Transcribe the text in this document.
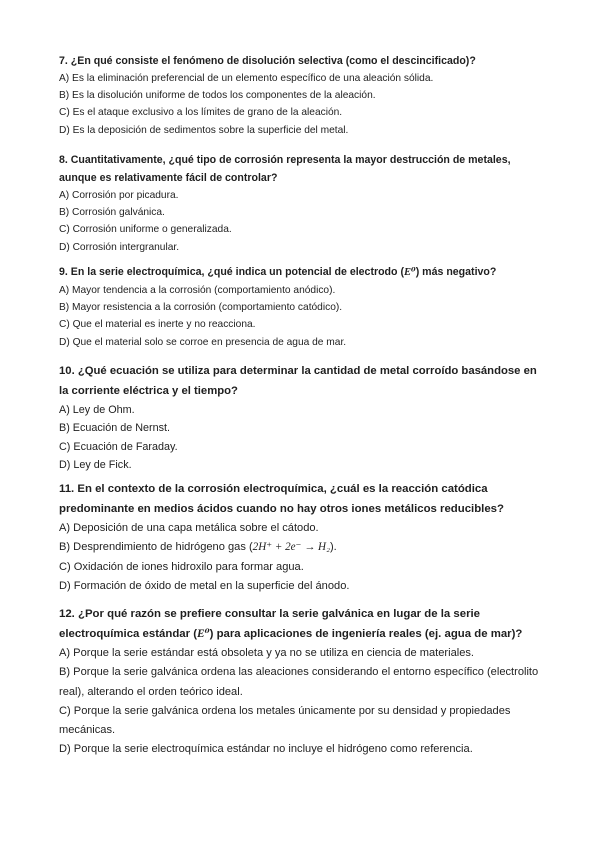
7. ¿En qué consiste el fenómeno de disolución selectiva (como el descincificado)?

A) Es la eliminación preferencial de un elemento específico de una aleación sólida.
B) Es la disolución uniforme de todos los componentes de la aleación.
C) Es el ataque exclusivo a los límites de grano de la aleación.
D) Es la deposición de sedimentos sobre la superficie del metal.

8. Cuantitativamente, ¿qué tipo de corrosión representa la mayor destrucción de metales, aunque es relativamente fácil de controlar?

A) Corrosión por picadura.
B) Corrosión galvánica.
C) Corrosión uniforme o generalizada.
D) Corrosión intergranular.

9. En la serie electroquímica, ¿qué indica un potencial de electrodo (E⁰) más negativo?

A) Mayor tendencia a la corrosión (comportamiento anódico).
B) Mayor resistencia a la corrosión (comportamiento catódico).
C) Que el material es inerte y no reacciona.
D) Que el material solo se corroe en presencia de agua de mar.

10. ¿Qué ecuación se utiliza para determinar la cantidad de metal corroído basándose en la corriente eléctrica y el tiempo?

A) Ley de Ohm.
B) Ecuación de Nernst.
C) Ecuación de Faraday.
D) Ley de Fick.

11. En el contexto de la corrosión electroquímica, ¿cuál es la reacción catódica predominante en medios ácidos cuando no hay otros iones metálicos reducibles?

A) Deposición de una capa metálica sobre el cátodo.
B) Desprendimiento de hidrógeno gas (2H⁺ + 2e⁻ → H₂).
C) Oxidación de iones hidroxilo para formar agua.
D) Formación de óxido de metal en la superficie del ánodo.

12. ¿Por qué razón se prefiere consultar la serie galvánica en lugar de la serie electroquímica estándar (E⁰) para aplicaciones de ingeniería reales (ej. agua de mar)?

A) Porque la serie estándar está obsoleta y ya no se utiliza en ciencia de materiales.
B) Porque la serie galvánica ordena las aleaciones considerando el entorno específico (electrolito real), alterando el orden teórico ideal.
C) Porque la serie galvánica ordena los metales únicamente por su densidad y propiedades mecánicas.
D) Porque la serie electroquímica estándar no incluye el hidrógeno como referencia.
